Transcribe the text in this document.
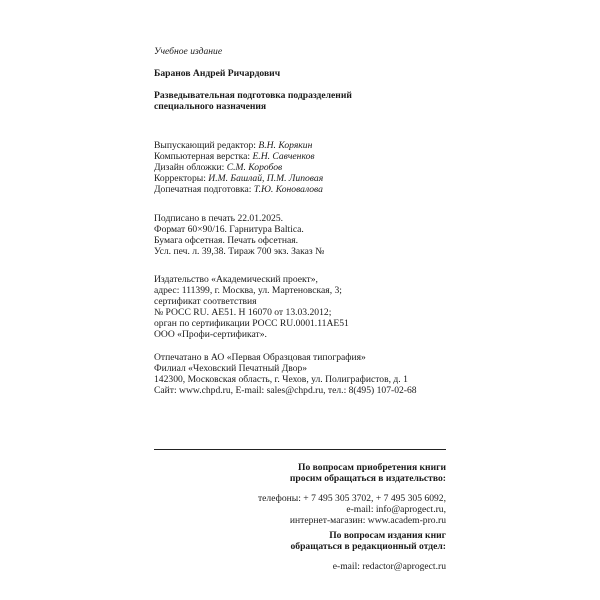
Учебное издание
Баранов Андрей Ричардович
Разведывательная подготовка подразделений
специального назначения
Выпускающий редактор: В.Н. Корякин
Компьютерная верстка: Е.Н. Савченков
Дизайн обложки: С.М. Коробов
Корректоры: И.М. Башлай, П.М. Липовая
Допечатная подготовка: Т.Ю. Коновалова
Подписано в печать 22.01.2025.
Формат 60×90/16. Гарнитура Baltica.
Бумага офсетная. Печать офсетная.
Усл. печ. л. 39,38. Тираж 700 экз. Заказ №
Издательство «Академический проект»,
адрес: 111399, г. Москва, ул. Мартеновская, 3;
сертификат соответствия
№ РОСС RU. АЕ51. Н 16070 от 13.03.2012;
орган по сертификации РОСС RU.0001.11АЕ51
ООО «Профи-сертификат».
Отпечатано в АО «Первая Образцовая типография»
Филиал «Чеховский Печатный Двор»
142300, Московская область, г. Чехов, ул. Полиграфистов, д. 1
Сайт: www.chpd.ru, E-mail: sales@chpd.ru, тел.: 8(495) 107-02-68
По вопросам приобретения книги
просим обращаться в издательство:
телефоны: + 7 495 305 3702, + 7 495 305 6092,
e-mail: info@aprogect.ru,
интернет-магазин: www.academ-pro.ru
По вопросам издания книг
обращаться в редакционный отдел:
e-mail: redactor@aprogect.ru
